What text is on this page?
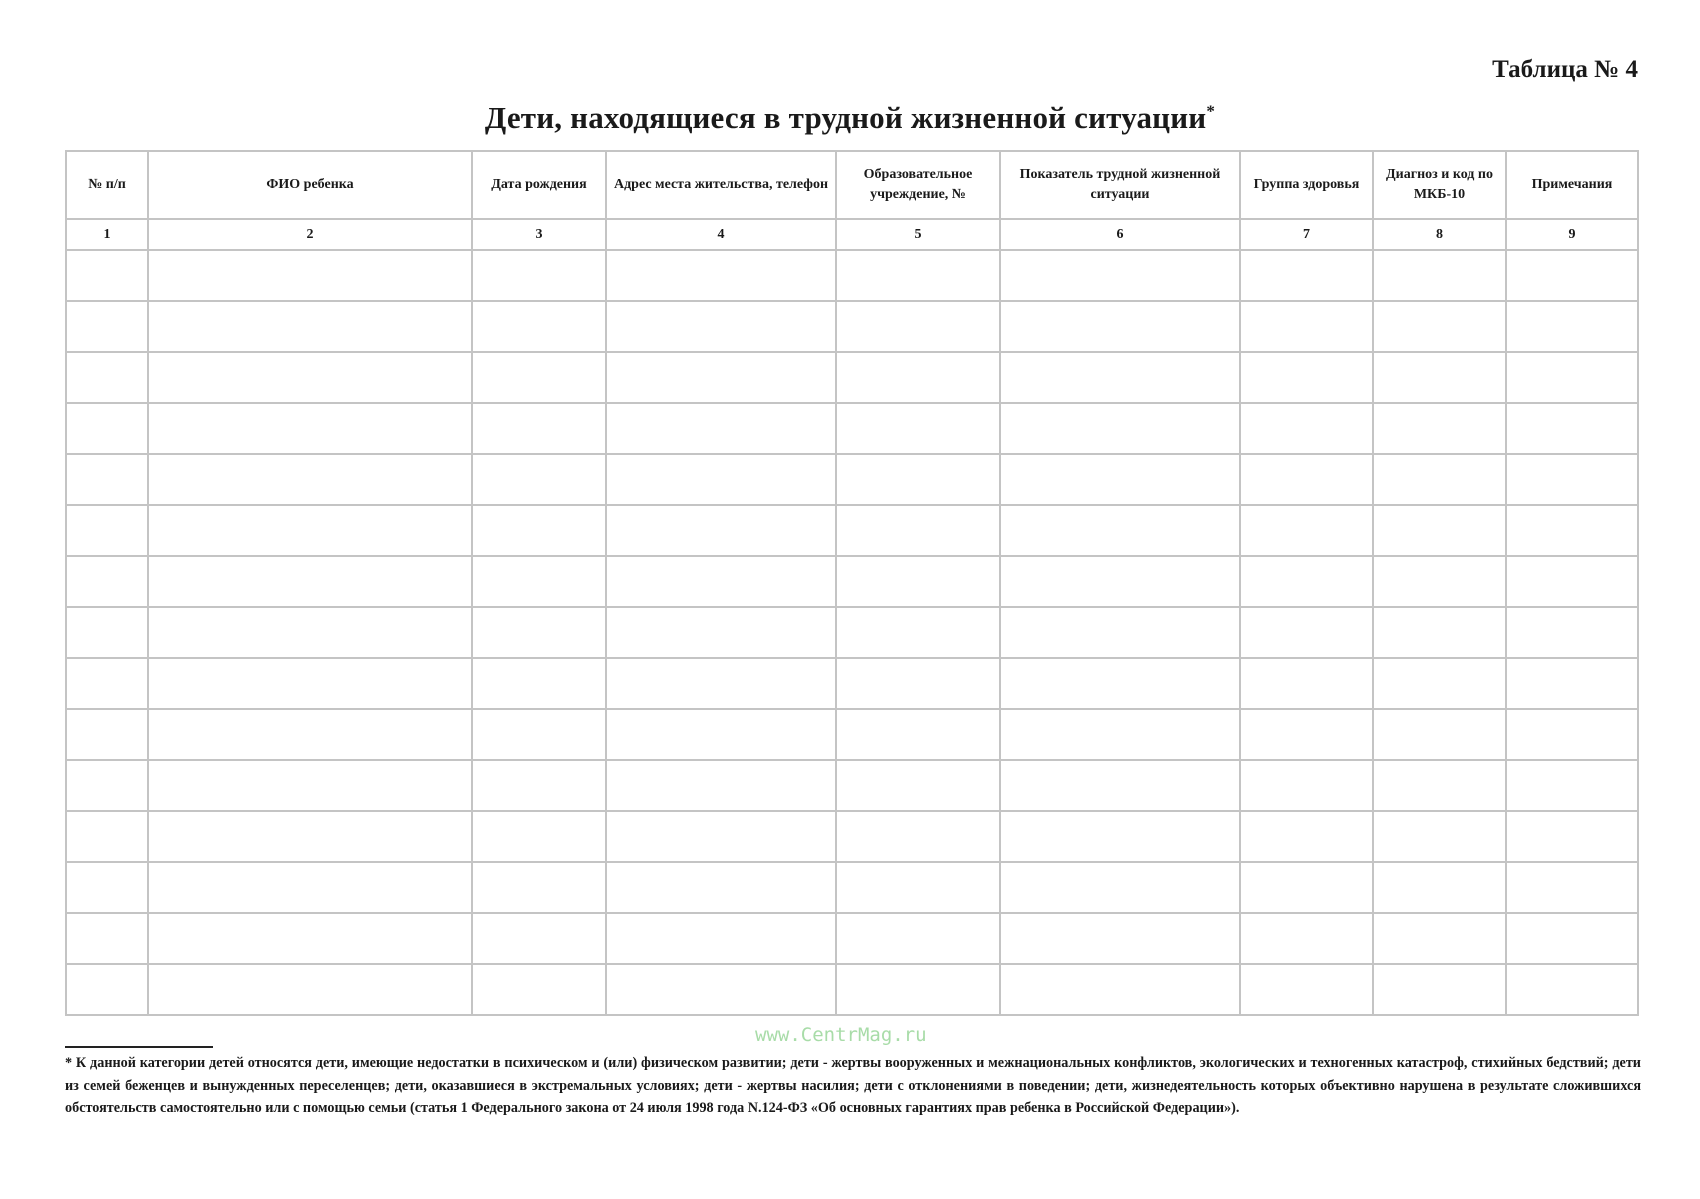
Таблица № 4
Дети, находящиеся в трудной жизненной ситуации*
№ п/п	ФИО ребенка	Дата рождения	Адрес места жительства, телефон	Образовательное учреждение, №	Показатель трудной жизненной ситуации	Группа здоровья	Диагноз и код по МКБ-10	Примечания
1	2	3	4	5	6	7	8	9

www.CentrMag.ru
* К данной категории детей относятся дети, имеющие недостатки в психическом и (или) физическом развитии; дети - жертвы вооруженных и межнациональных конфликтов, экологических и техногенных катастроф, стихийных бедствий; дети из семей беженцев и вынужденных переселенцев; дети, оказавшиеся в экстремальных условиях; дети - жертвы насилия; дети с отклонениями в поведении; дети, жизнедеятельность которых объективно нарушена в результате сложившихся обстоятельств самостоятельно или с помощью семьи (статья 1 Федерального закона от 24 июля 1998 года N.124-ФЗ «Об основных гарантиях прав ребенка в Российской Федерации»).
